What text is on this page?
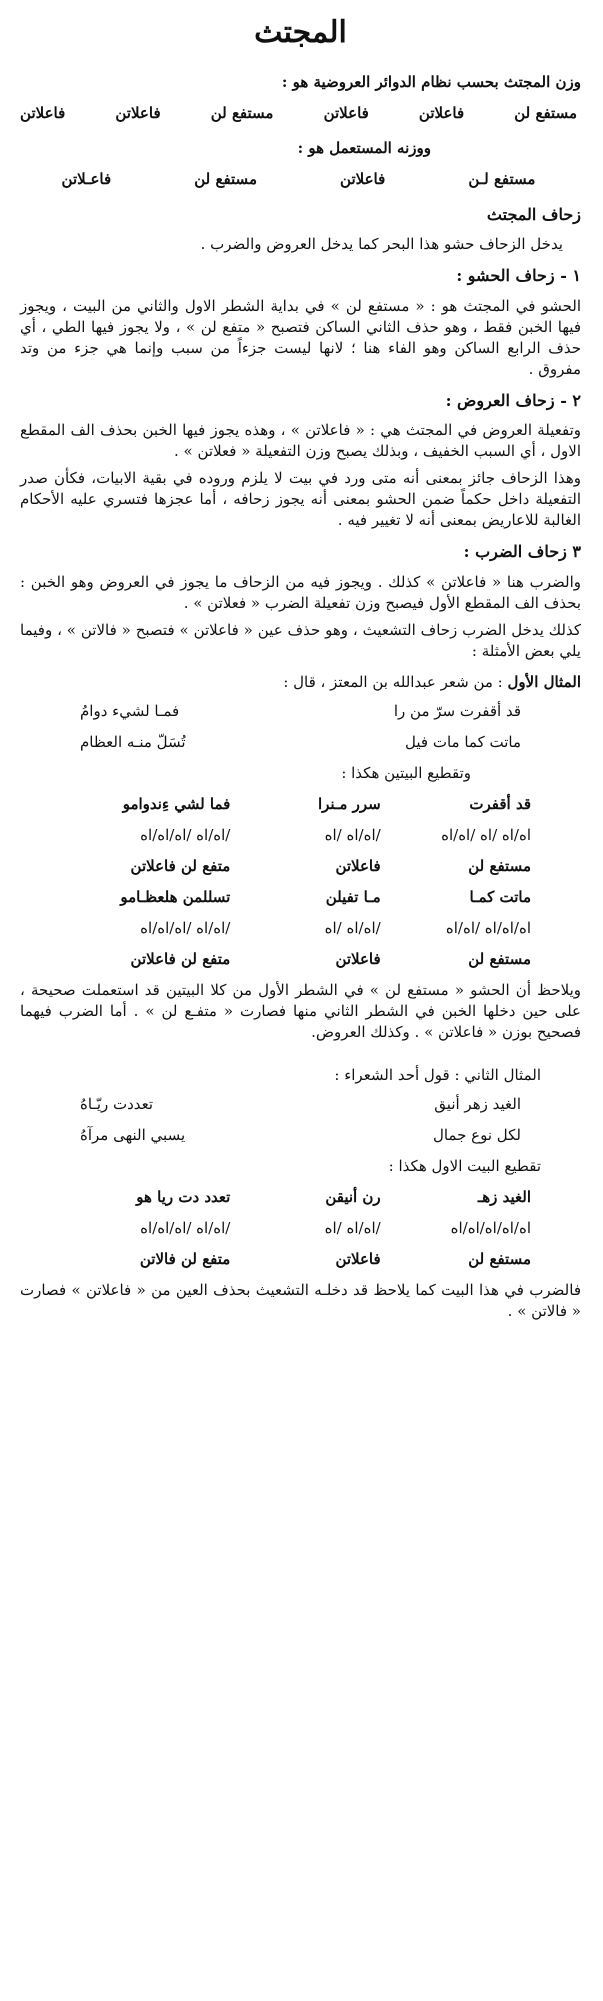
المجتث
وزن المجتث بحسب نظام الدوائر العروضية هو :
مستفع لن
فاعلاتن
فاعلاتن
مستفع لن
فاعلاتن
فاعلاتن
ووزنه المستعمل هو :
مستفع لـن
فاعلاتن
مستفع لن
فاعـلاتن
زحاف المجتث
يدخل الزحاف حشو هذا البحر كما يدخل العروض والضرب .
١ - زحاف الحشو :
الحشو في المجتث هو : « مستفع لن » في بداية الشطر الاول والثاني من البيت ، ويجوز فيها الخبن فقط ، وهو حذف الثاني الساكن فتصبح « متفع لن » ، ولا يجوز فيها الطي ، أي حذف الرابع الساكن وهو الفاء هنا ؛ لانها ليست جزءاً من سبب وإنما هي جزء من وتد مفروق .
٢ - زحاف العروض :
وتفعيلة العروض في المجتث هي : « فاعلاتن » ، وهذه يجوز فيها الخبن بحذف الف المقطع الاول ، أي السبب الخفيف ، وبذلك يصبح وزن التفعيلة « فعلاتن » .
وهذا الزحاف جائز بمعنى أنه متى ورد في بيت لا يلزم وروده في بقية الابيات، فكأن صدر التفعيلة داخل حكماً ضمن الحشو بمعنى أنه يجوز زحافه ، أما عجزها فتسري عليه الأحكام الغالبة للاعاريض بمعنى أنه لا تغيير فيه .
٣ زحاف الضرب :
والضرب هنا « فاعلاتن » كذلك . ويجوز فيه من الزحاف ما يجوز في العروض وهو الخبن : بحذف الف المقطع الأول فيصبح وزن تفعيلة الضرب « فعلاتن » .
كذلك يدخل الضرب زحاف التشعيث ، وهو حذف عين « فاعلاتن » فتصبح « فالاتن » ، وفيما يلي بعض الأمثلة :
المثال الأول : من شعر عبدالله بن المعتز ، قال :
قد أقفرت سرّ من را
فمـا لشيء دوامُ
ماتت كما مات فيل
تُسَلّ منـه العظام
وتقطيع البيتين هكذا :
قد أقفرت
سرر مـنرا
فما لشي ءِندوامو
اه/اه /اه /اه/اه
/اه/اه /اه
/اه/اه /اه/اه/اه
مستفع لن
فاعلاتن
متفع لن فاعلاتن
ماتت كمـا
مـا تفيلن
تسللمن هلعظـامو
اه/اه/اه /اه/اه
/اه/اه /اه
/اه/اه /اه/اه/اه
مستفع لن
فاعلاتن
متفع لن فاعلاتن
ويلاحظ أن الحشو « مستفع لن » في الشطر الأول من كلا البيتين قد استعملت صحيحة ، على حين دخلها الخبن في الشطر الثاني منها فصارت « متفـع لن » . أما الضرب فيهما فصحيح بوزن « فاعلاتن » . وكذلك العروض.
المثال الثاني : قول أحد الشعراء :
الغيد زهر أنيق
تعددت ريّـاهُ
لكل نوع جمال
يسبي النهى مرآهُ
تقطيع البيت الاول هكذا :
الغيد زهـ
رن أنيقن
تعدد دت ريا هو
اه/اه/اه/اه/اه
/اه/اه /اه
/اه/اه /اه/اه/اه
مستفع لن
فاعلاتن
متفع لن فالاتن
فالضرب في هذا البيت كما يلاحظ قد دخلـه التشعيث بحذف العين من « فاعلاتن » فصارت « فالاتن » .
